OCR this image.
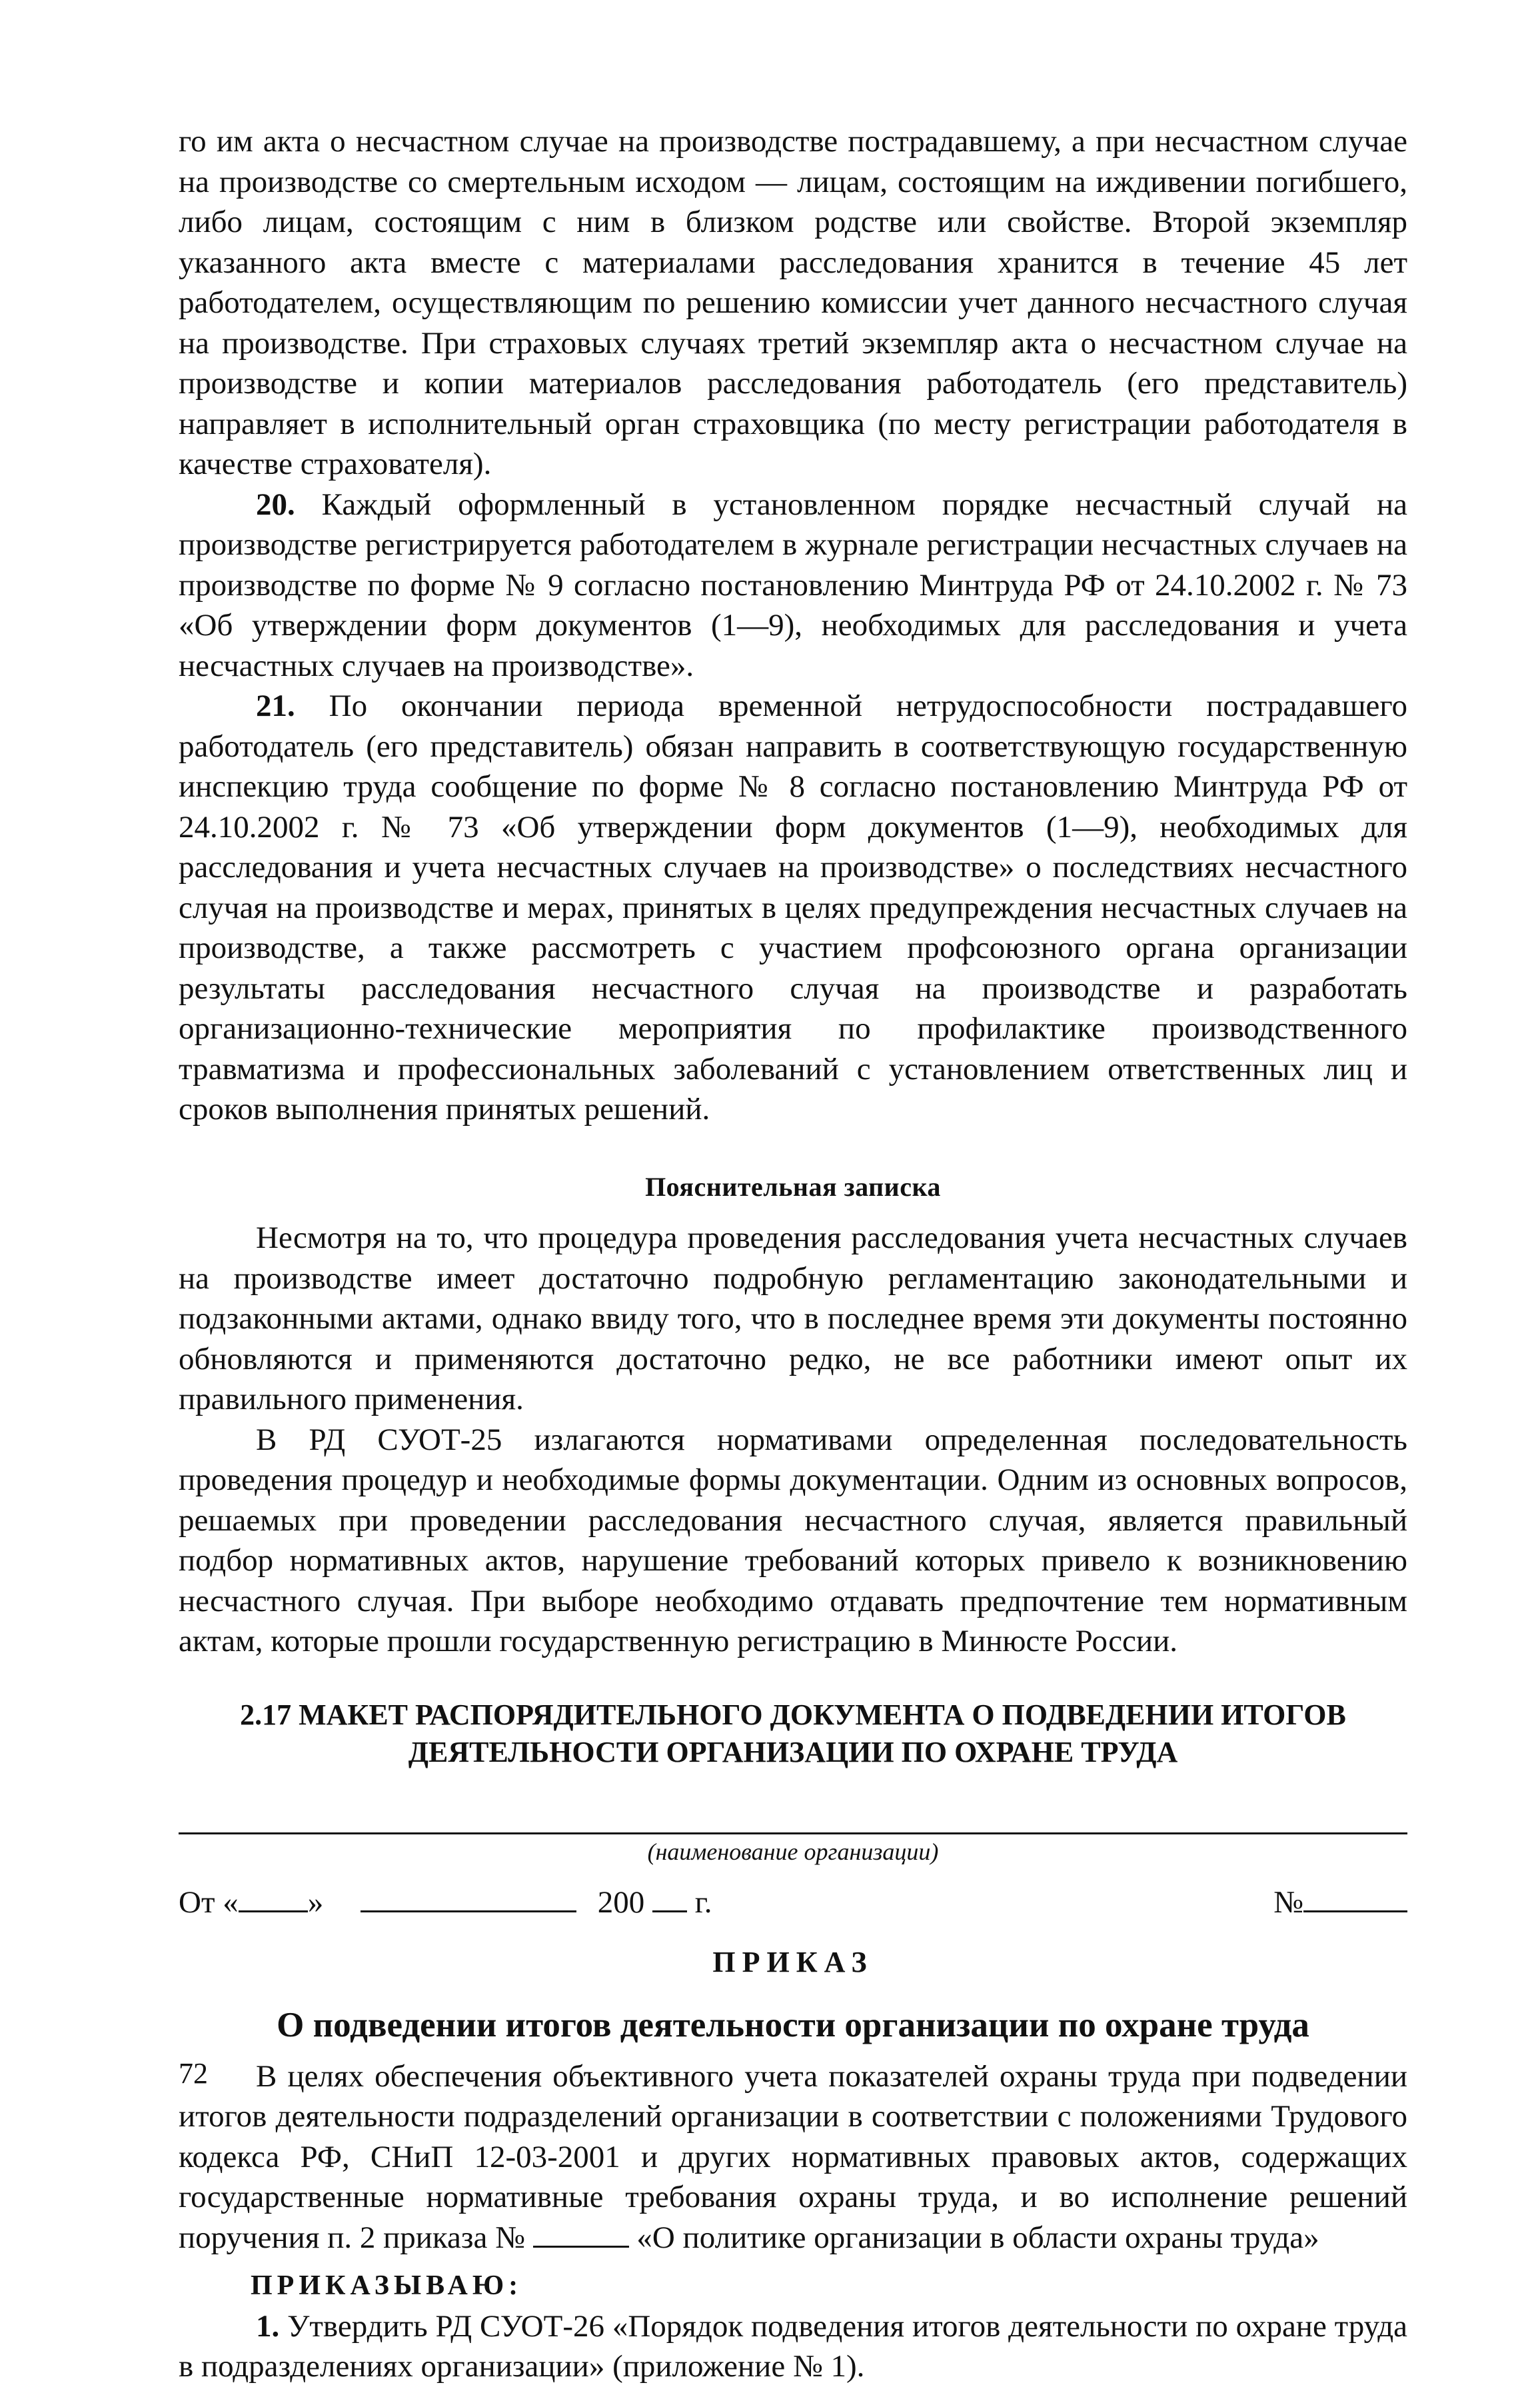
го им акта о несчастном случае на производстве пострадавшему, а при несчастном случае на производстве со смертельным исходом — лицам, состоящим на иждивении погибшего, либо лицам, состоящим с ним в близком родстве или свойстве. Второй экземпляр указанного акта вместе с материалами расследования хранится в течение 45 лет работодателем, осуществляющим по решению комиссии учет данного несчастного случая на производстве. При страховых случаях третий экземпляр акта о несчастном случае на производстве и копии материалов расследования работодатель (его представитель) направляет в исполнительный орган страховщика (по месту регистрации работодателя в качестве страхователя).

20. Каждый оформленный в установленном порядке несчастный случай на производстве регистрируется работодателем в журнале регистрации несчастных случаев на производстве по форме № 9 согласно постановлению Минтруда РФ от 24.10.2002 г. № 73 «Об утверждении форм документов (1—9), необходимых для расследования и учета несчастных случаев на производстве».

21. По окончании периода временной нетрудоспособности пострадавшего работодатель (его представитель) обязан направить в соответствующую государственную инспекцию труда сообщение по форме № 8 согласно постановлению Минтруда РФ от 24.10.2002 г. № 73 «Об утверждении форм документов (1—9), необходимых для расследования и учета несчастных случаев на производстве» о последствиях несчастного случая на производстве и мерах, принятых в целях предупреждения несчастных случаев на производстве, а также рассмотреть с участием профсоюзного органа организации результаты расследования несчастного случая на производстве и разработать организационно-технические мероприятия по профилактике производственного травматизма и профессиональных заболеваний с установлением ответственных лиц и сроков выполнения принятых решений.

Пояснительная записка

Несмотря на то, что процедура проведения расследования учета несчастных случаев на производстве имеет достаточно подробную регламентацию законодательными и подзаконными актами, однако ввиду того, что в последнее время эти документы постоянно обновляются и применяются достаточно редко, не все работники имеют опыт их правильного применения.

В РД СУОТ-25 излагаются нормативами определенная последовательность проведения процедур и необходимые формы документации. Одним из основных вопросов, решаемых при проведении расследования несчастного случая, является правильный подбор нормативных актов, нарушение требований которых привело к возникновению несчастного случая. При выборе необходимо отдавать предпочтение тем нормативным актам, которые прошли государственную регистрацию в Минюсте России.

2.17 МАКЕТ РАСПОРЯДИТЕЛЬНОГО ДОКУМЕНТА О ПОДВЕДЕНИИ ИТОГОВ
ДЕЯТЕЛЬНОСТИ ОРГАНИЗАЦИИ ПО ОХРАНЕ ТРУДА
(наименование организации)
От « »	200 г.	№
ПРИКАЗ
О подведении итогов деятельности организации по охране труда

В целях обеспечения объективного учета показателей охраны труда при подведении итогов деятельности подразделений организации в соответствии с положениями Трудового кодекса РФ, СНиП 12-03-2001 и других нормативных правовых актов, содержащих государственные нормативные требования охраны труда, и во исполнение решений поручения п. 2 приказа №	«О политике организации в области охраны труда»

ПРИКАЗЫВАЮ:

1. Утвердить РД СУОТ-26 «Порядок подведения итогов деятельности по охране труда в подразделениях организации» (приложение № 1).

72
